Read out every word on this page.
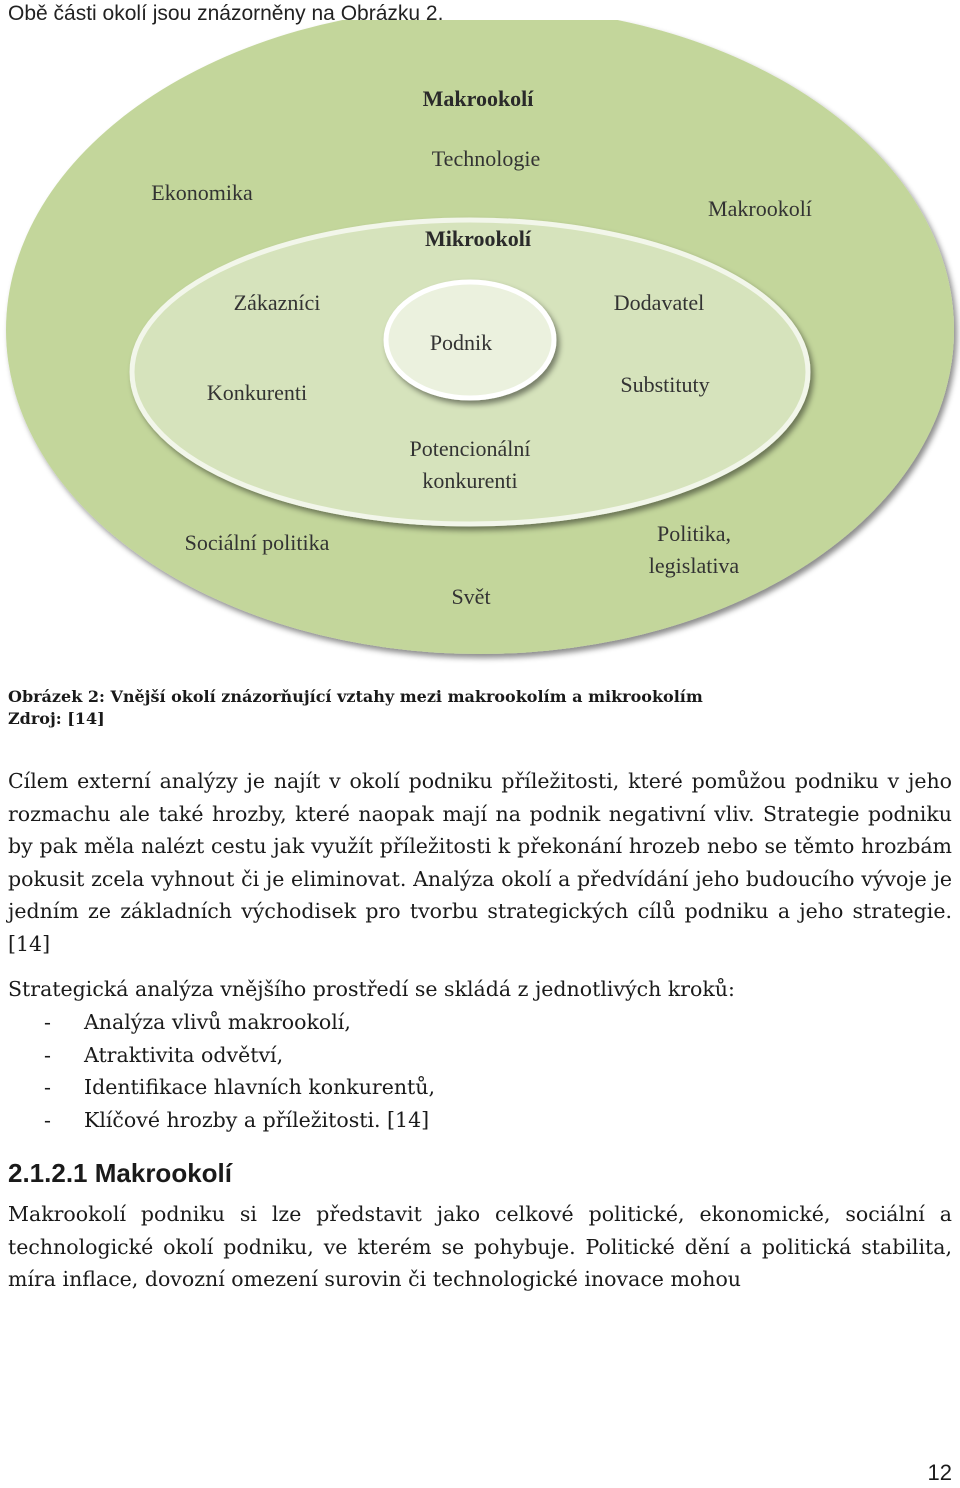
Obě části okolí jsou znázorněny na Obrázku 2.
Makrookolí
Technologie
Ekonomika
Makrookolí
Mikrookolí
Zákazníci	Dodavatel
Podnik
Substituty
Konkurenti
Potencionální
konkurenti
Sociální politika	Politika,
legislativa
Svět
Obrázek 2: Vnější okolí znázorňující vztahy mezi makrookolím a mikrookolím
Zdroj: [14]

Cílem externí analýzy je najít v okolí podniku příležitosti, které pomůžou podniku v jeho rozmachu ale také hrozby, které naopak mají na podnik negativní vliv. Strategie podniku by pak měla nalézt cestu jak využít příležitosti k překonání hrozeb nebo se těmto hrozbám pokusit zcela vyhnout či je eliminovat. Analýza okolí a předvídání jeho budoucího vývoje je jedním ze základních východisek pro tvorbu strategických cílů podniku a jeho strategie. [14]

Strategická analýza vnějšího prostředí se skládá z jednotlivých kroků:

- Analýza vlivů makrookolí,
- Atraktivita odvětví,
- Identifikace hlavních konkurentů,
- Klíčové hrozby a příležitosti. [14]
2.1.2.1 Makrookolí

Makrookolí podniku si lze představit jako celkové politické, ekonomické, sociální a technologické okolí podniku, ve kterém se pohybuje. Politické dění a politická stabilita, míra inflace, dovozní omezení surovin či technologické inovace mohou

12
